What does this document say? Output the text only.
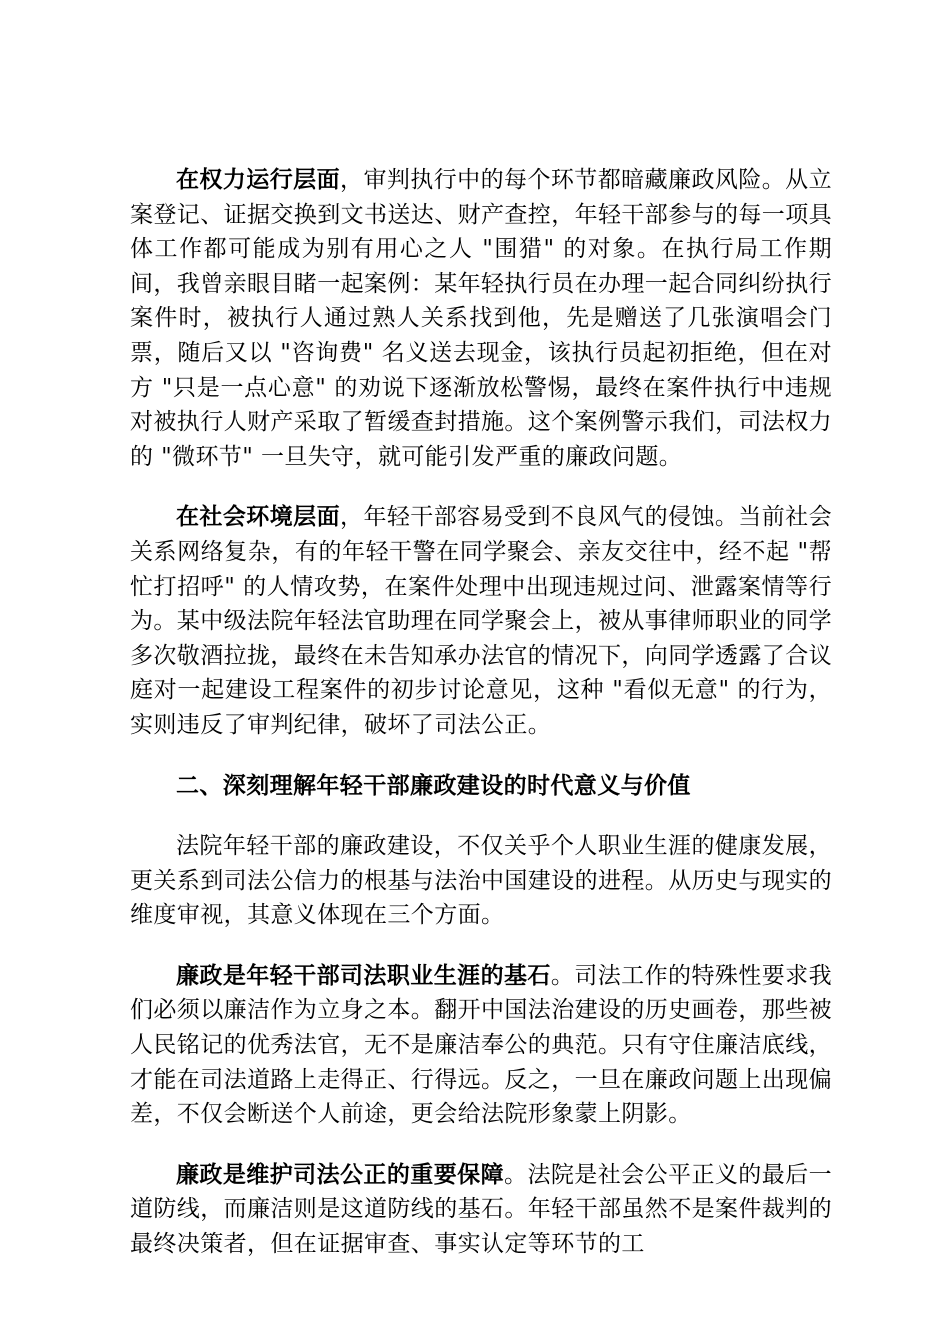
在权力运行层面，审判执行中的每个环节都暗藏廉政风险。从立案登记、证据交换到文书送达、财产查控，年轻干部参与的每一项具体工作都可能成为别有用心之人 "围猎" 的对象。在执行局工作期间，我曾亲眼目睹一起案例：某年轻执行员在办理一起合同纠纷执行案件时，被执行人通过熟人关系找到他，先是赠送了几张演唱会门票，随后又以 "咨询费" 名义送去现金，该执行员起初拒绝，但在对方 "只是一点心意" 的劝说下逐渐放松警惕，最终在案件执行中违规对被执行人财产采取了暂缓查封措施。这个案例警示我们，司法权力的 "微环节" 一旦失守，就可能引发严重的廉政问题。

在社会环境层面，年轻干部容易受到不良风气的侵蚀。当前社会关系网络复杂，有的年轻干警在同学聚会、亲友交往中，经不起 "帮忙打招呼" 的人情攻势，在案件处理中出现违规过问、泄露案情等行为。某中级法院年轻法官助理在同学聚会上，被从事律师职业的同学多次敬酒拉拢，最终在未告知承办法官的情况下，向同学透露了合议庭对一起建设工程案件的初步讨论意见，这种 "看似无意" 的行为，实则违反了审判纪律，破坏了司法公正。

二、深刻理解年轻干部廉政建设的时代意义与价值

法院年轻干部的廉政建设，不仅关乎个人职业生涯的健康发展，更关系到司法公信力的根基与法治中国建设的进程。从历史与现实的维度审视，其意义体现在三个方面。

廉政是年轻干部司法职业生涯的基石。司法工作的特殊性要求我们必须以廉洁作为立身之本。翻开中国法治建设的历史画卷，那些被人民铭记的优秀法官，无不是廉洁奉公的典范。只有守住廉洁底线，才能在司法道路上走得正、行得远。反之，一旦在廉政问题上出现偏差，不仅会断送个人前途，更会给法院形象蒙上阴影。

廉政是维护司法公正的重要保障。法院是社会公平正义的最后一道防线，而廉洁则是这道防线的基石。年轻干部虽然不是案件裁判的最终决策者，但在证据审查、事实认定等环节的工
